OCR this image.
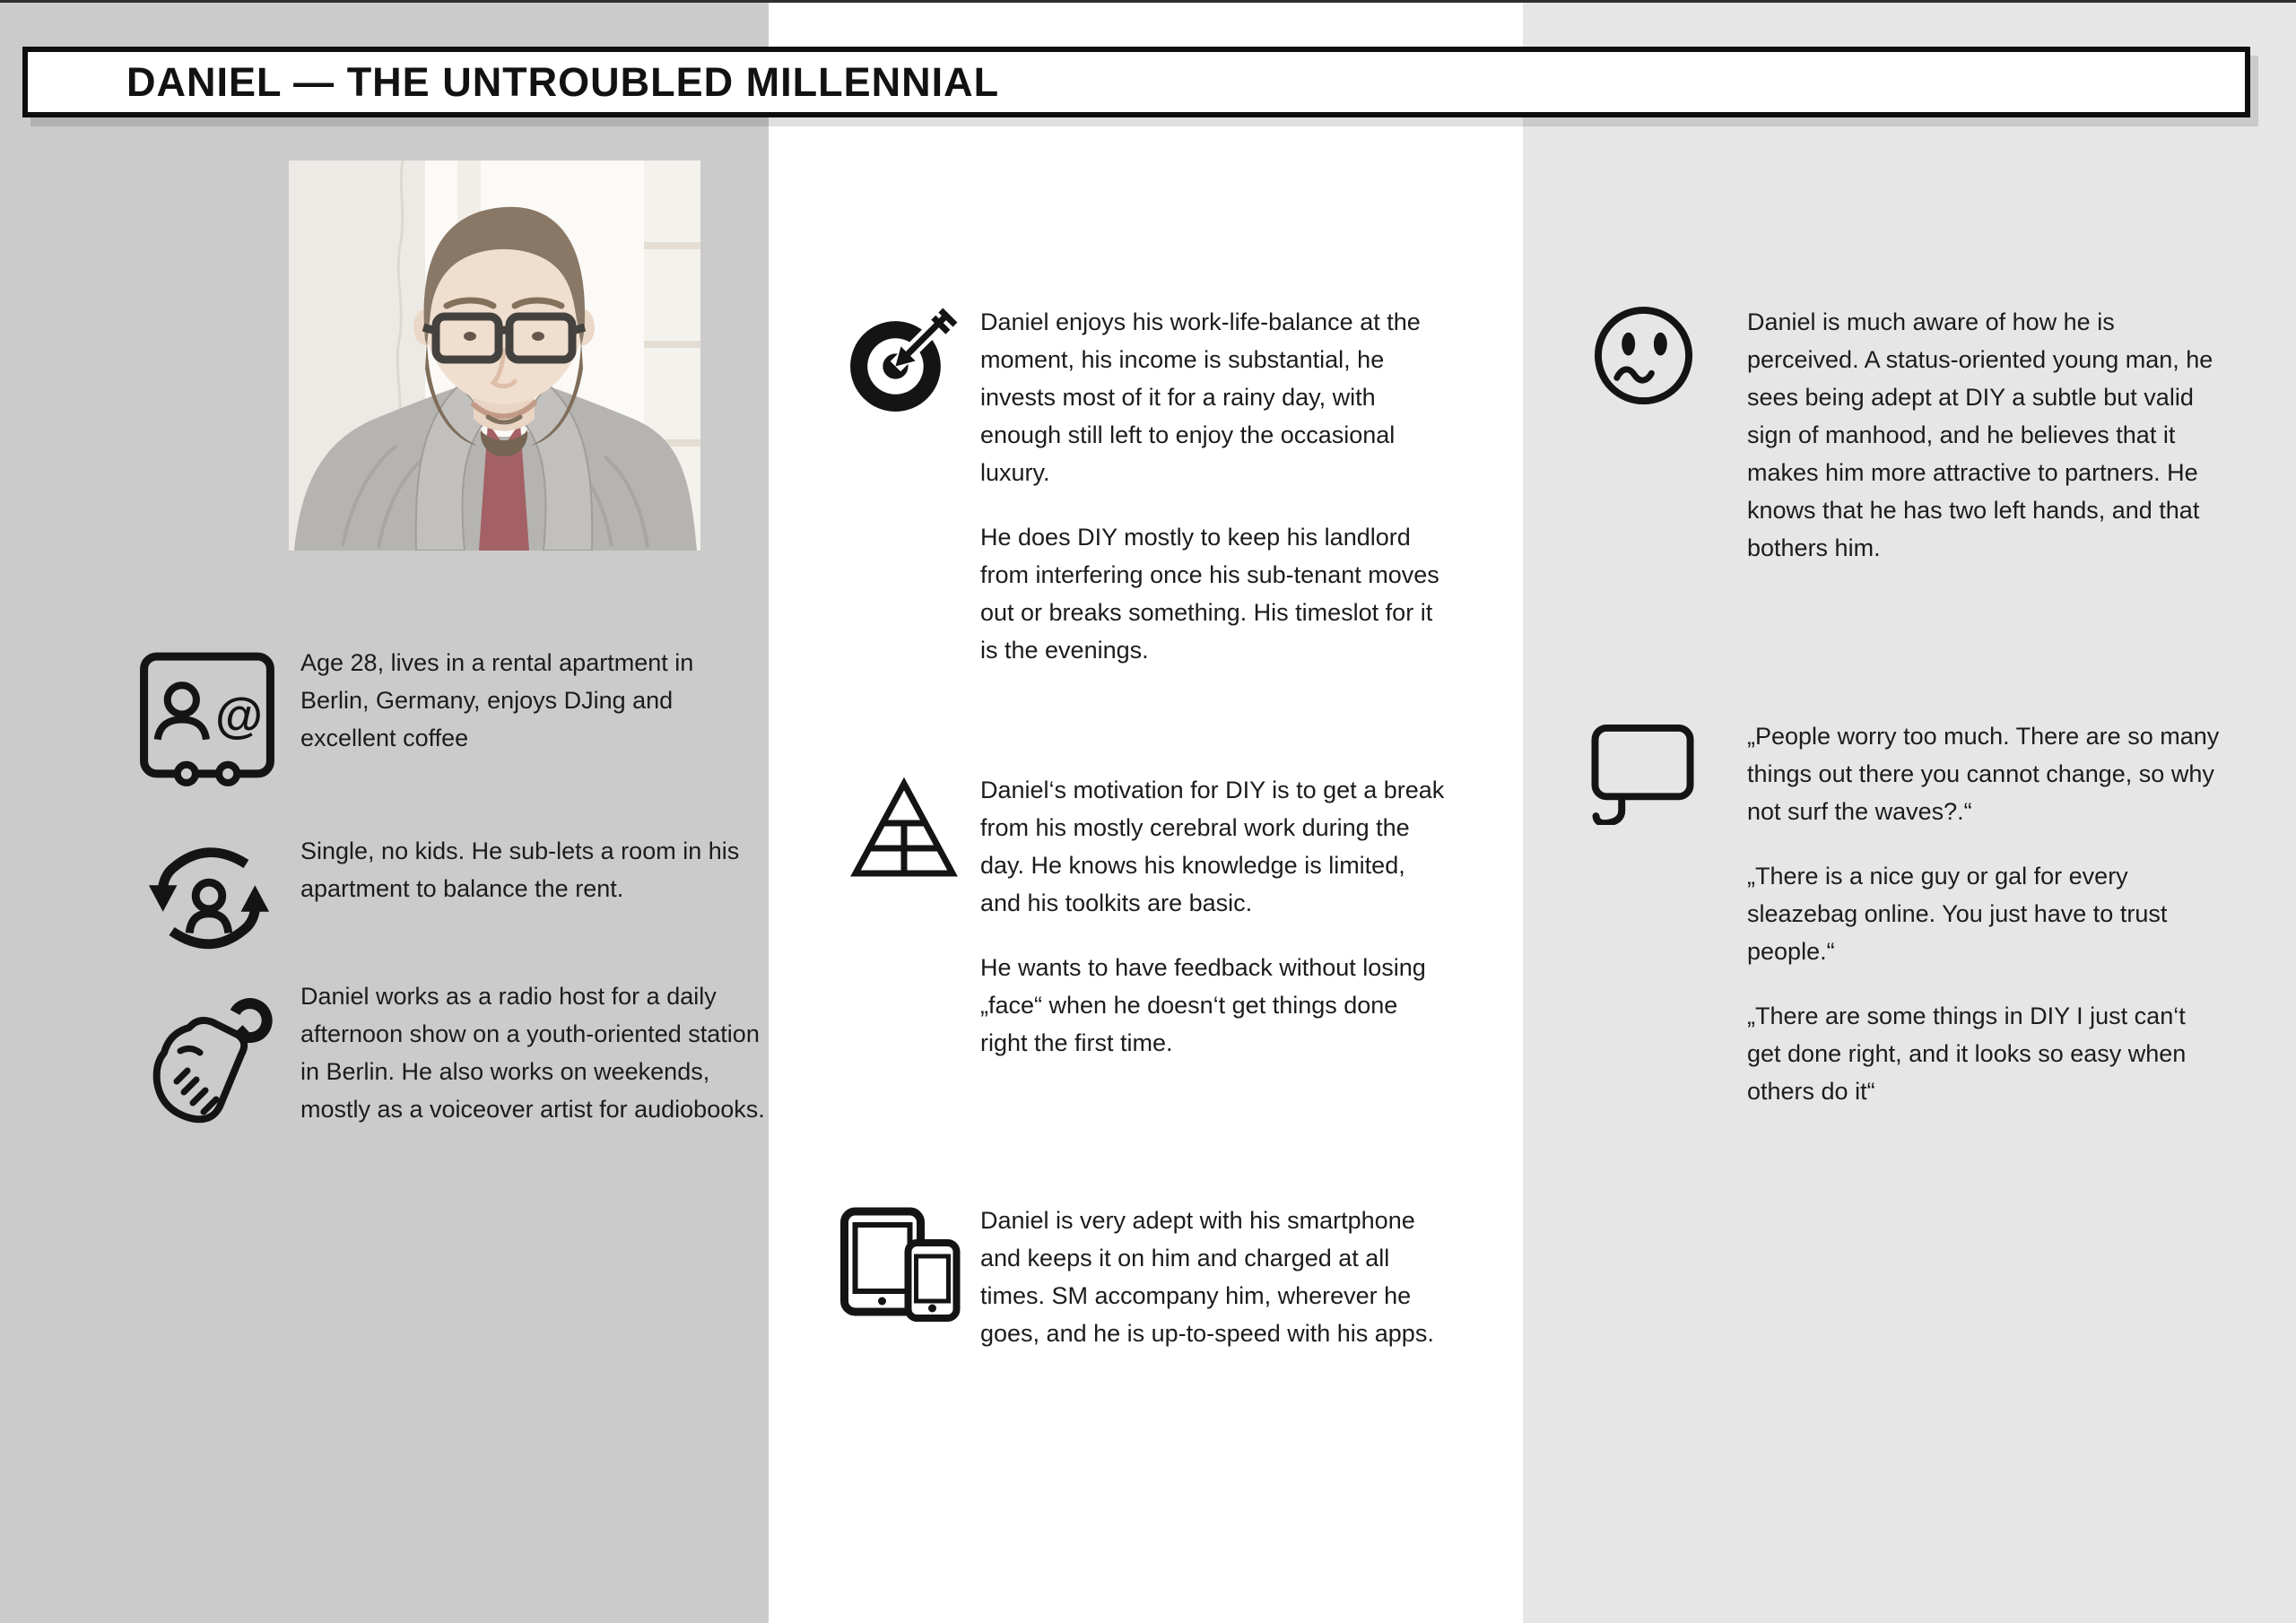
DANIEL — THE UNTROUBLED MILLENNIAL
@

Age 28, lives in a rental apartment in Berlin, Germany, enjoys DJing and excellent coffee

Single, no kids. He sub-lets a room in his apartment to balance the rent.

Daniel works as a radio host for a daily afternoon show on a youth-oriented station in Berlin. He also works on weekends, mostly as a voiceover artist for audiobooks.

Daniel enjoys his work-life-balance at the moment, his income is substantial, he invests most of it for a rainy day, with enough still left to enjoy the occasional luxury.

He does DIY mostly to keep his landlord from interfering once his sub-tenant moves out or breaks something. His timeslot for it is the evenings.

Daniel‘s motivation for DIY is to get a break from his mostly cerebral work during the day. He knows his knowledge is limited, and his toolkits are basic.

He wants to have feedback without losing „face“ when he doesn‘t get things done right the first time.

Daniel is very adept with his smartphone and keeps it on him and charged at all times. SM accompany him, wherever he goes, and he is up-to-speed with his apps.

Daniel is much aware of how he is perceived. A status-oriented young man, he sees being adept at DIY a subtle but valid sign of manhood, and he believes that it makes him more attractive to partners. He knows that he has two left hands, and that bothers him.

„People worry too much. There are so many things out there you cannot change, so why not surf the waves?.“

„There is a nice guy or gal for every sleazebag online. You just have to trust people.“

„There are some things in DIY I just can‘t get done right, and it looks so easy when others do it“
